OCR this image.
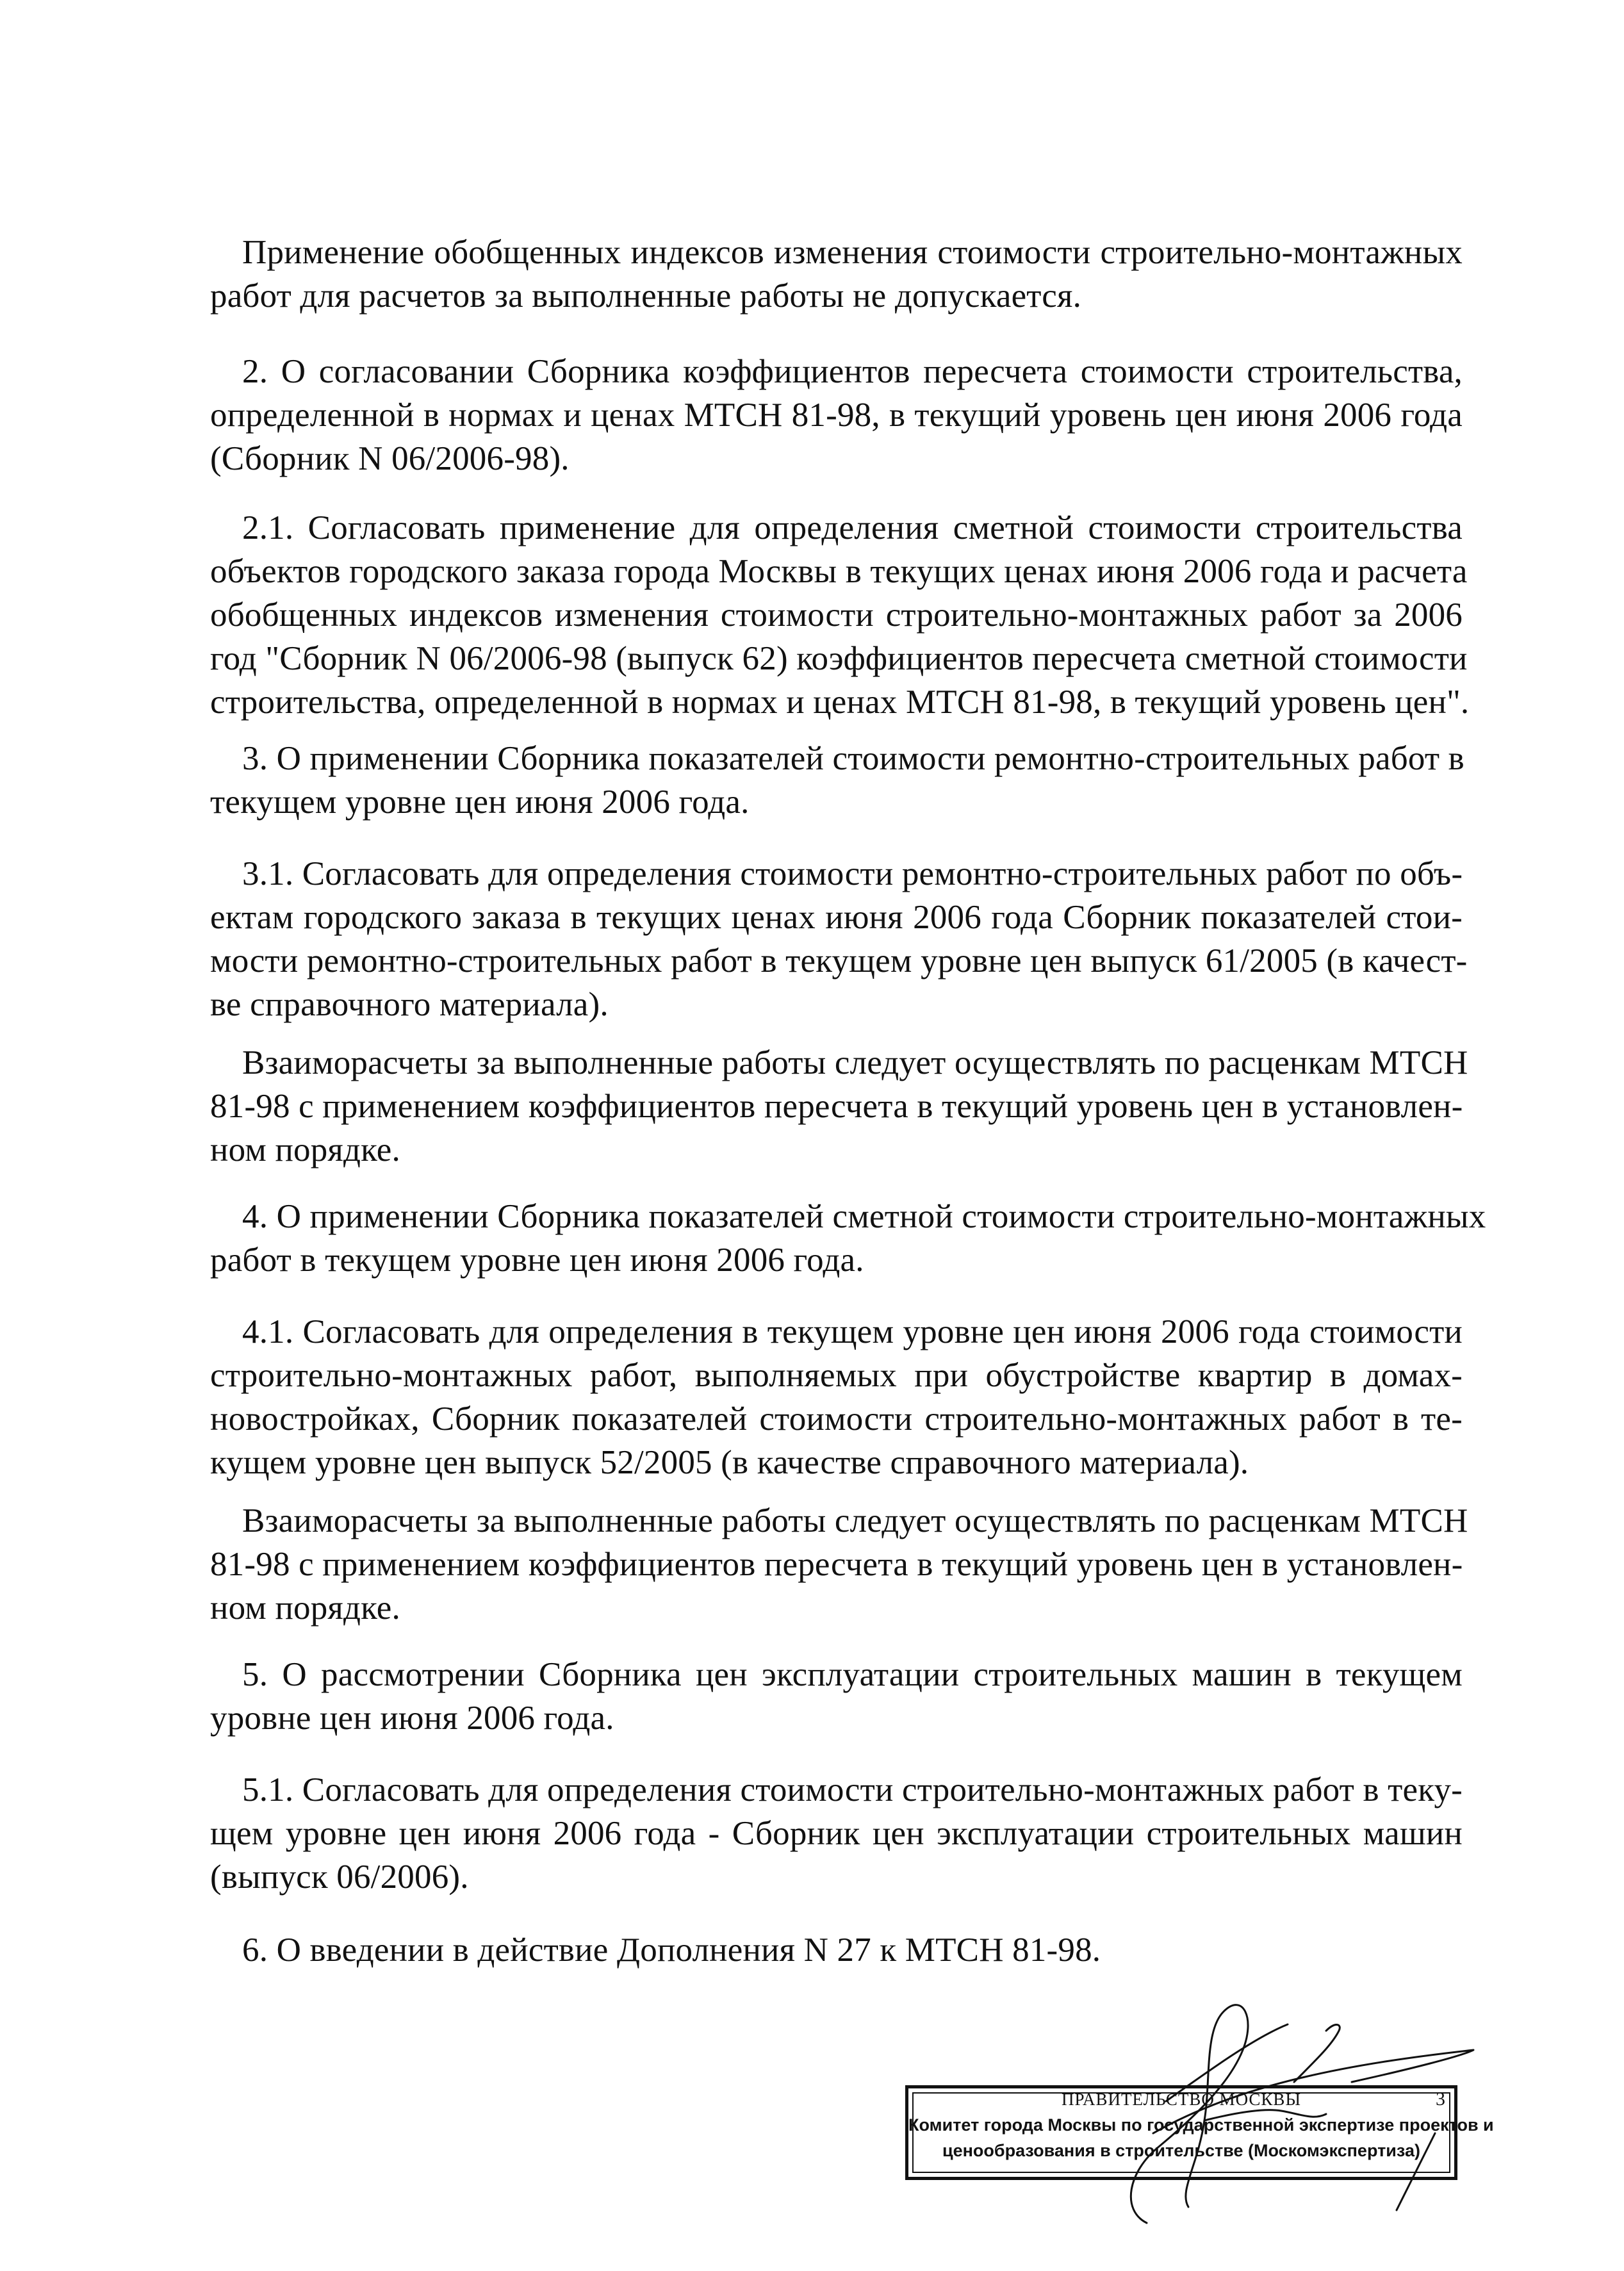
Применение обобщенных индексов изменения стоимости строительно-монтажных
работ для расчетов за выполненные работы не допускается.

2. О согласовании Сборника коэффициентов пересчета стоимости строительства,
определенной в нормах и ценах МТСН 81-98, в текущий уровень цен июня 2006 года
(Сборник N 06/2006-98).

2.1. Согласовать применение для определения сметной стоимости строительства
объектов городского заказа города Москвы в текущих ценах июня 2006 года и расчета
обобщенных индексов изменения стоимости строительно-монтажных работ за 2006
год "Сборник N 06/2006-98 (выпуск 62) коэффициентов пересчета сметной стоимости
строительства, определенной в нормах и ценах МТСН 81-98, в текущий уровень цен".

3. О применении Сборника показателей стоимости ремонтно-строительных работ в
текущем уровне цен июня 2006 года.

3.1. Согласовать для определения стоимости ремонтно-строительных работ по объ-
ектам городского заказа в текущих ценах июня 2006 года Сборник показателей стои-
мости ремонтно-строительных работ в текущем уровне цен выпуск 61/2005 (в качест-
ве справочного материала).

Взаиморасчеты за выполненные работы следует осуществлять по расценкам МТСН
81-98 с применением коэффициентов пересчета в текущий уровень цен в установлен-
ном порядке.

4. О применении Сборника показателей сметной стоимости строительно-монтажных
работ в текущем уровне цен июня 2006 года.

4.1. Согласовать для определения в текущем уровне цен июня 2006 года стоимости
строительно-монтажных работ, выполняемых при обустройстве квартир в домах-
новостройках, Сборник показателей стоимости строительно-монтажных работ в те-
кущем уровне цен выпуск 52/2005 (в качестве справочного материала).

Взаиморасчеты за выполненные работы следует осуществлять по расценкам МТСН
81-98 с применением коэффициентов пересчета в текущий уровень цен в установлен-
ном порядке.

5. О рассмотрении Сборника цен эксплуатации строительных машин в текущем
уровне цен июня 2006 года.

5.1. Согласовать для определения стоимости строительно-монтажных работ в теку-
щем уровне цен июня 2006 года - Сборник цен эксплуатации строительных машин
(выпуск 06/2006).

6. О введении в действие Дополнения N 27 к МТСН 81-98.

ПРАВИТЕЛЬСТВО МОСКВЫ
Комитет города Москвы по государственной экспертизе проектов и
ценообразования в строительстве (Москомэкспертиза)
3
